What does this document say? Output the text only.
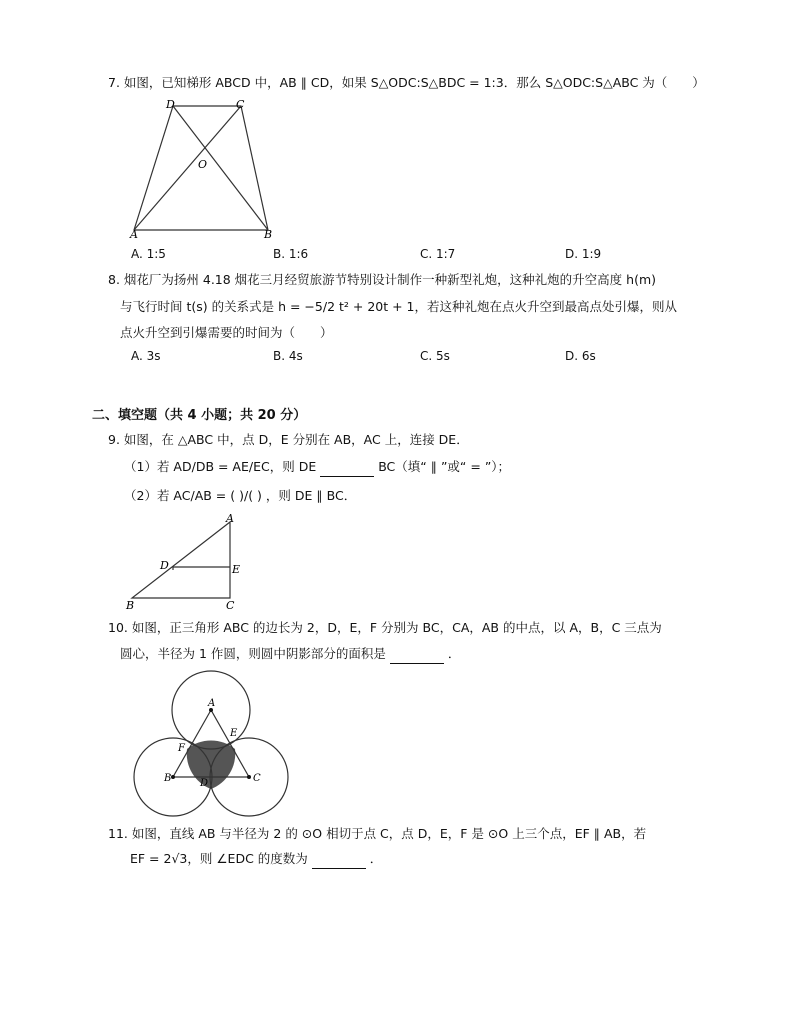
7. 如图，已知梯形 ABCD 中，AB ∥ CD，如果 S△ODC:S△BDC = 1:3．那么 S△ODC:S△ABC 为（　　）
D	C
O
A	B
A. 1:5	B. 1:6	C. 1:7	D. 1:9
8. 烟花厂为扬州 4.18 烟花三月经贸旅游节特别设计制作一种新型礼炮，这种礼炮的升空高度 h(m)
与飞行时间 t(s) 的关系式是 h = −5/2 t² + 20t + 1，若这种礼炮在点火升空到最高点处引爆，则从
点火升空到引爆需要的时间为（　　）
A. 3s	B. 4s	C. 5s	D. 6s
二、填空题（共 4 小题；共 20 分）
9. 如图，在 △ABC 中，点 D，E 分别在 AB，AC 上，连接 DE．
（1）若 AD/DB = AE/EC，则 DE	BC（填“ ∥ ”或“ = ”）；
（2）若 AC/AB = ( )/( ) ，则 DE ∥ BC．
A
D	E
B	C
10. 如图，正三角形 ABC 的边长为 2，D，E，F 分别为 BC，CA，AB 的中点，以 A，B，C 三点为
圆心，半径为 1 作圆，则圆中阴影部分的面积是	．
A
B	C
D
E
F
11. 如图，直线 AB 与半径为 2 的 ⊙O 相切于点 C，点 D，E，F 是 ⊙O 上三个点，EF ∥ AB，若
EF = 2√3，则 ∠EDC 的度数为	．
